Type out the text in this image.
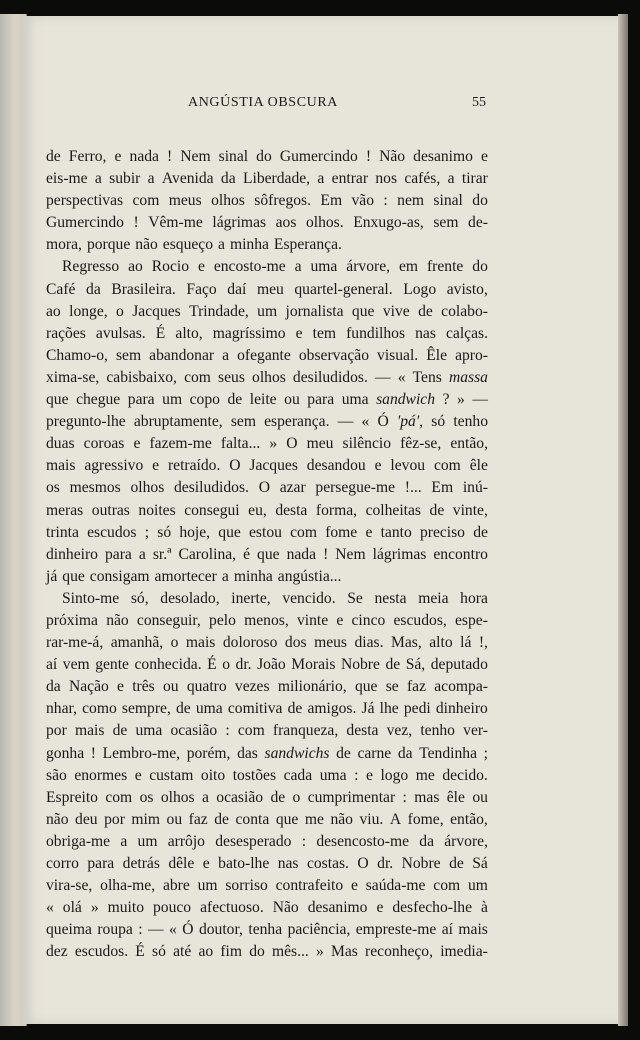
ANGÚSTIA OBSCURA	55
de Ferro, e nada ! Nem sinal do Gumercindo ! Não desanimo e
eis-me a subir a Avenida da Liberdade, a entrar nos cafés, a tirar
perspectivas com meus olhos sôfregos. Em vão : nem sinal do
Gumercindo ! Vêm-me lágrimas aos olhos. Enxugo-as, sem de-
mora, porque não esqueço a minha Esperança.
Regresso ao Rocio e encosto-me a uma árvore, em frente do
Café da Brasileira. Faço daí meu quartel-general. Logo avisto,
ao longe, o Jacques Trindade, um jornalista que vive de colabo-
rações avulsas. É alto, magríssimo e tem fundilhos nas calças.
Chamo-o, sem abandonar a ofegante observação visual. Êle apro-
xima-se, cabisbaixo, com seus olhos desiludidos. — « Tens massa
que chegue para um copo de leite ou para uma sandwich ? » —
pregunto-lhe abruptamente, sem esperança. — « Ó 'pá', só tenho
duas coroas e fazem-me falta... » O meu silêncio fêz-se, então,
mais agressivo e retraído. O Jacques desandou e levou com êle
os mesmos olhos desiludidos. O azar persegue-me !... Em inú-
meras outras noites consegui eu, desta forma, colheitas de vinte,
trinta escudos ; só hoje, que estou com fome e tanto preciso de
dinheiro para a sr.ª Carolina, é que nada ! Nem lágrimas encontro
já que consigam amortecer a minha angústia...
Sinto-me só, desolado, inerte, vencido. Se nesta meia hora
próxima não conseguir, pelo menos, vinte e cinco escudos, espe-
rar-me-á, amanhã, o mais doloroso dos meus dias. Mas, alto lá !,
aí vem gente conhecida. É o dr. João Morais Nobre de Sá, deputado
da Nação e três ou quatro vezes milionário, que se faz acompa-
nhar, como sempre, de uma comitiva de amigos. Já lhe pedi dinheiro
por mais de uma ocasião : com franqueza, desta vez, tenho ver-
gonha ! Lembro-me, porém, das sandwichs de carne da Tendinha ;
são enormes e custam oito tostões cada uma : e logo me decido.
Espreito com os olhos a ocasião de o cumprimentar : mas êle ou
não deu por mim ou faz de conta que me não viu. A fome, então,
obriga-me a um arrôjo desesperado : desencosto-me da árvore,
corro para detrás dêle e bato-lhe nas costas. O dr. Nobre de Sá
vira-se, olha-me, abre um sorriso contrafeito e saúda-me com um
« olá » muito pouco afectuoso. Não desanimo e desfecho-lhe à
queima roupa : — « Ó doutor, tenha paciência, empreste-me aí mais
dez escudos. É só até ao fim do mês... » Mas reconheço, imedia-
